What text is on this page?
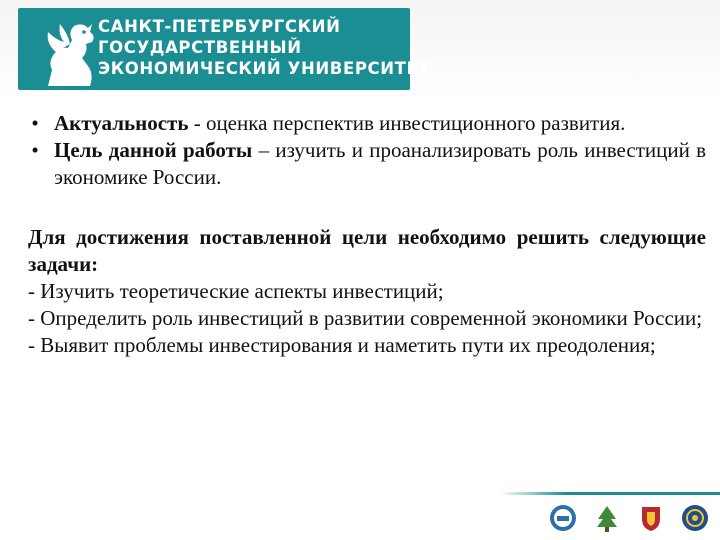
САНКТ-ПЕТЕРБУРГСКИЙ
ГОСУДАРСТВЕННЫЙ
ЭКОНОМИЧЕСКИЙ УНИВЕРСИТЕТ
• Актуальность - оценка перспектив инвестиционного развития.
• Цель данной работы – изучить и проанализировать роль инвестиций в экономике России.

Для достижения поставленной цели необходимо решить следующие задачи:

- Изучить теоретические аспекты инвестиций;

- Определить роль инвестиций в развитии современной экономики России;

- Выявит проблемы инвестирования и наметить пути их преодоления;
